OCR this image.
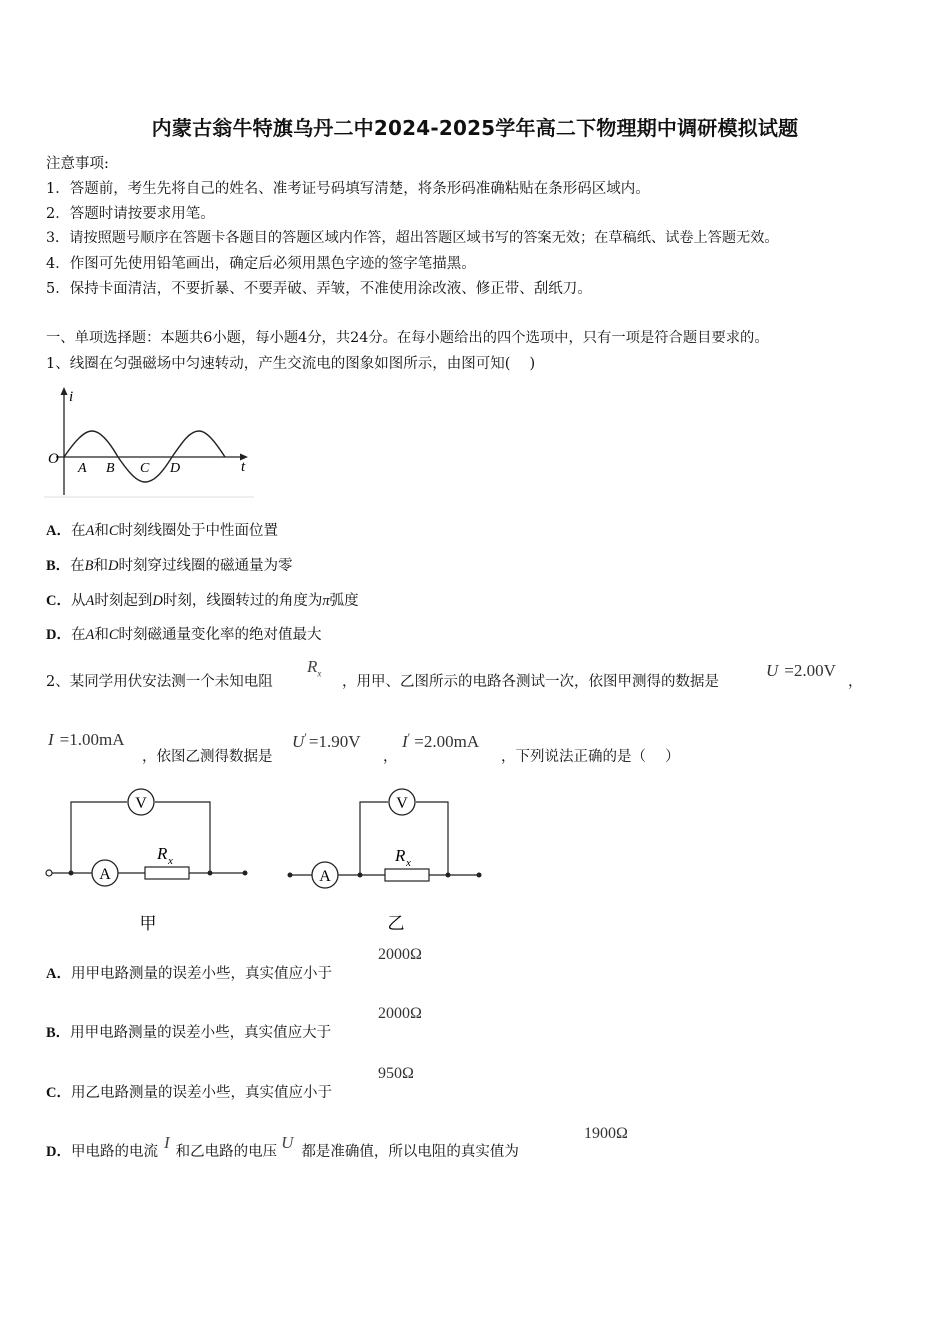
内蒙古翁牛特旗乌丹二中2024-2025学年高二下物理期中调研模拟试题
注意事项:
1．答题前，考生先将自己的姓名、准考证号码填写清楚，将条形码准确粘贴在条形码区域内。
2．答题时请按要求用笔。
3．请按照题号顺序在答题卡各题目的答题区域内作答，超出答题区域书写的答案无效；在草稿纸、试卷上答题无效。
4．作图可先使用铅笔画出，确定后必须用黑色字迹的签字笔描黑。
5．保持卡面清洁，不要折暴、不要弄破、弄皱，不准使用涂改液、修正带、刮纸刀。
一、单项选择题：本题共6小题，每小题4分，共24分。在每小题给出的四个选项中，只有一项是符合题目要求的。
1、线圈在匀强磁场中匀速转动，产生交流电的图象如图所示，由图可知(　 )
i
t
O
A B C D
A．在A和C时刻线圈处于中性面位置
B．在B和D时刻穿过线圈的磁通量为零
C．从A时刻起到D时刻，线圈转过的角度为π弧度
D．在A和C时刻磁通量变化率的绝对值最大
2、某同学用伏安法测一个未知电阻
$R_x$
，用甲、乙图所示的电路各测试一次，依图甲测得的数据是
U =2.00V
，
I =1.00mA
，依图乙测得数据是
U′ =1.90V
，
I′ =2.00mA
，下列说法正确的是（　 ）
V
A
R x
甲
V
A
R x
乙
A．用甲电路测量的误差小些，真实值应小于
2000Ω
B．用甲电路测量的误差小些，真实值应大于
2000Ω
C．用乙电路测量的误差小些，真实值应小于
950Ω
D．甲电路的电流 I 和乙电路的电压 U 都是准确值，所以电阻的真实值为
1900Ω
